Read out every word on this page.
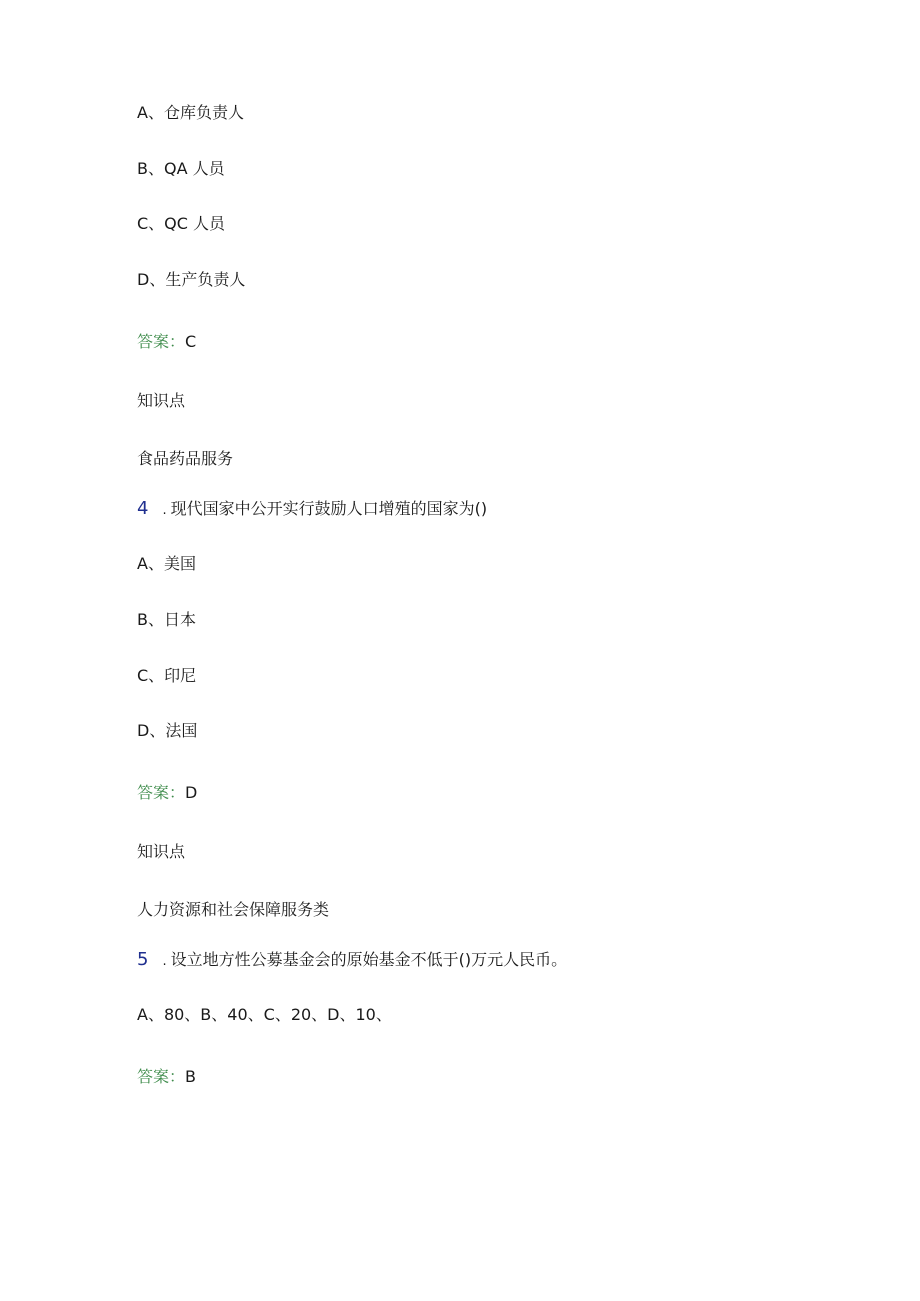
A、仓库负责人
B、QA 人员
C、QC 人员
D、生产负责人
答案：C
知识点
食品药品服务
4 . 现代国家中公开实行鼓励人口增殖的国家为()
A、美国
B、日本
C、印尼
D、法国
答案：D
知识点
人力资源和社会保障服务类
5 . 设立地方性公募基金会的原始基金不低于()万元人民币。
A、80、B、40、C、20、D、10、
答案：B
